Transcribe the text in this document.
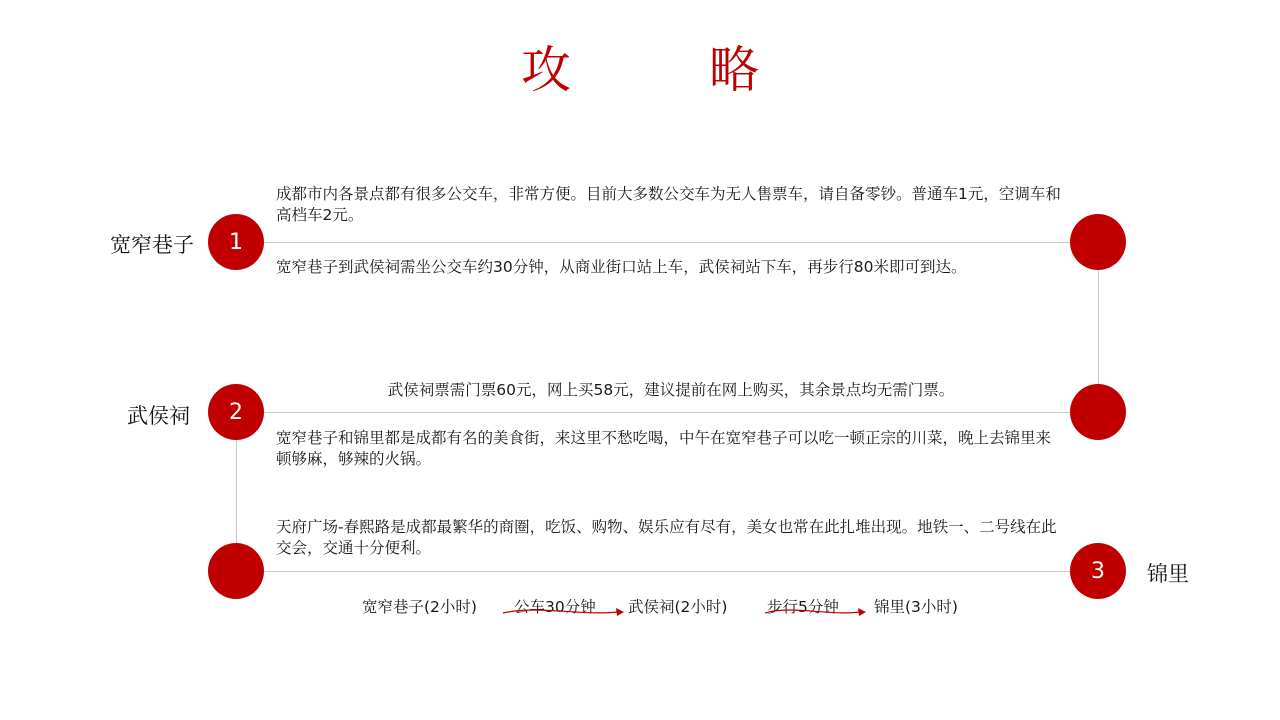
攻　略
1
2
3
宽窄巷子
武侯祠
锦里
成都市内各景点都有很多公交车，非常方便。目前大多数公交车为无人售票车，请自备零钞。普通车1元，空调车和高档车2元。
宽窄巷子到武侯祠需坐公交车约30分钟，从商业街口站上车，武侯祠站下车，再步行80米即可到达。
武侯祠票需门票60元，网上买58元，建议提前在网上购买，其余景点均无需门票。
宽窄巷子和锦里都是成都有名的美食街，来这里不愁吃喝，中午在宽窄巷子可以吃一顿正宗的川菜，晚上去锦里来顿够麻，够辣的火锅。
天府广场-春熙路是成都最繁华的商圈，吃饭、购物、娱乐应有尽有，美女也常在此扎堆出现。地铁一、二号线在此交会，交通十分便利。
宽窄巷子(2小时) 公车30分钟 武侯祠(2小时)	步行5分钟 锦里(3小时)
